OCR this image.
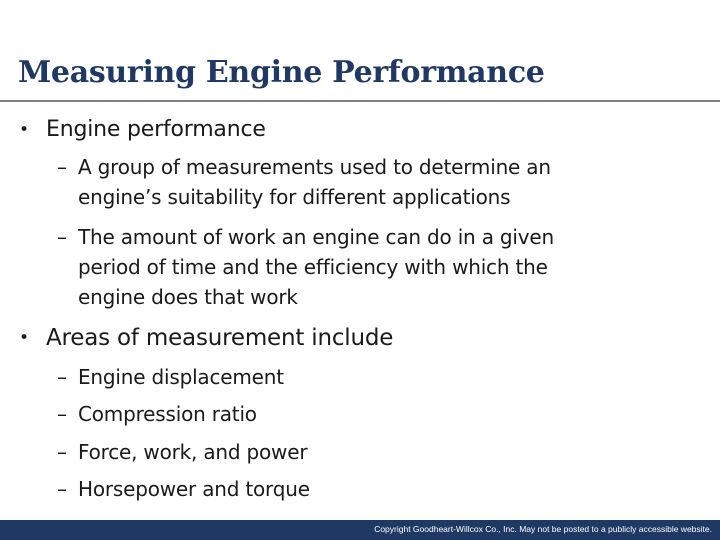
Measuring Engine Performance
• Engine performance
– A group of measurements used to determine an
engine’s suitability for different applications
– The amount of work an engine can do in a given
period of time and the efficiency with which the
engine does that work
• Areas of measurement include
– Engine displacement
– Compression ratio
– Force, work, and power
– Horsepower and torque
Copyright Goodheart-Willcox Co., Inc. May not be posted to a publicly accessible website.
